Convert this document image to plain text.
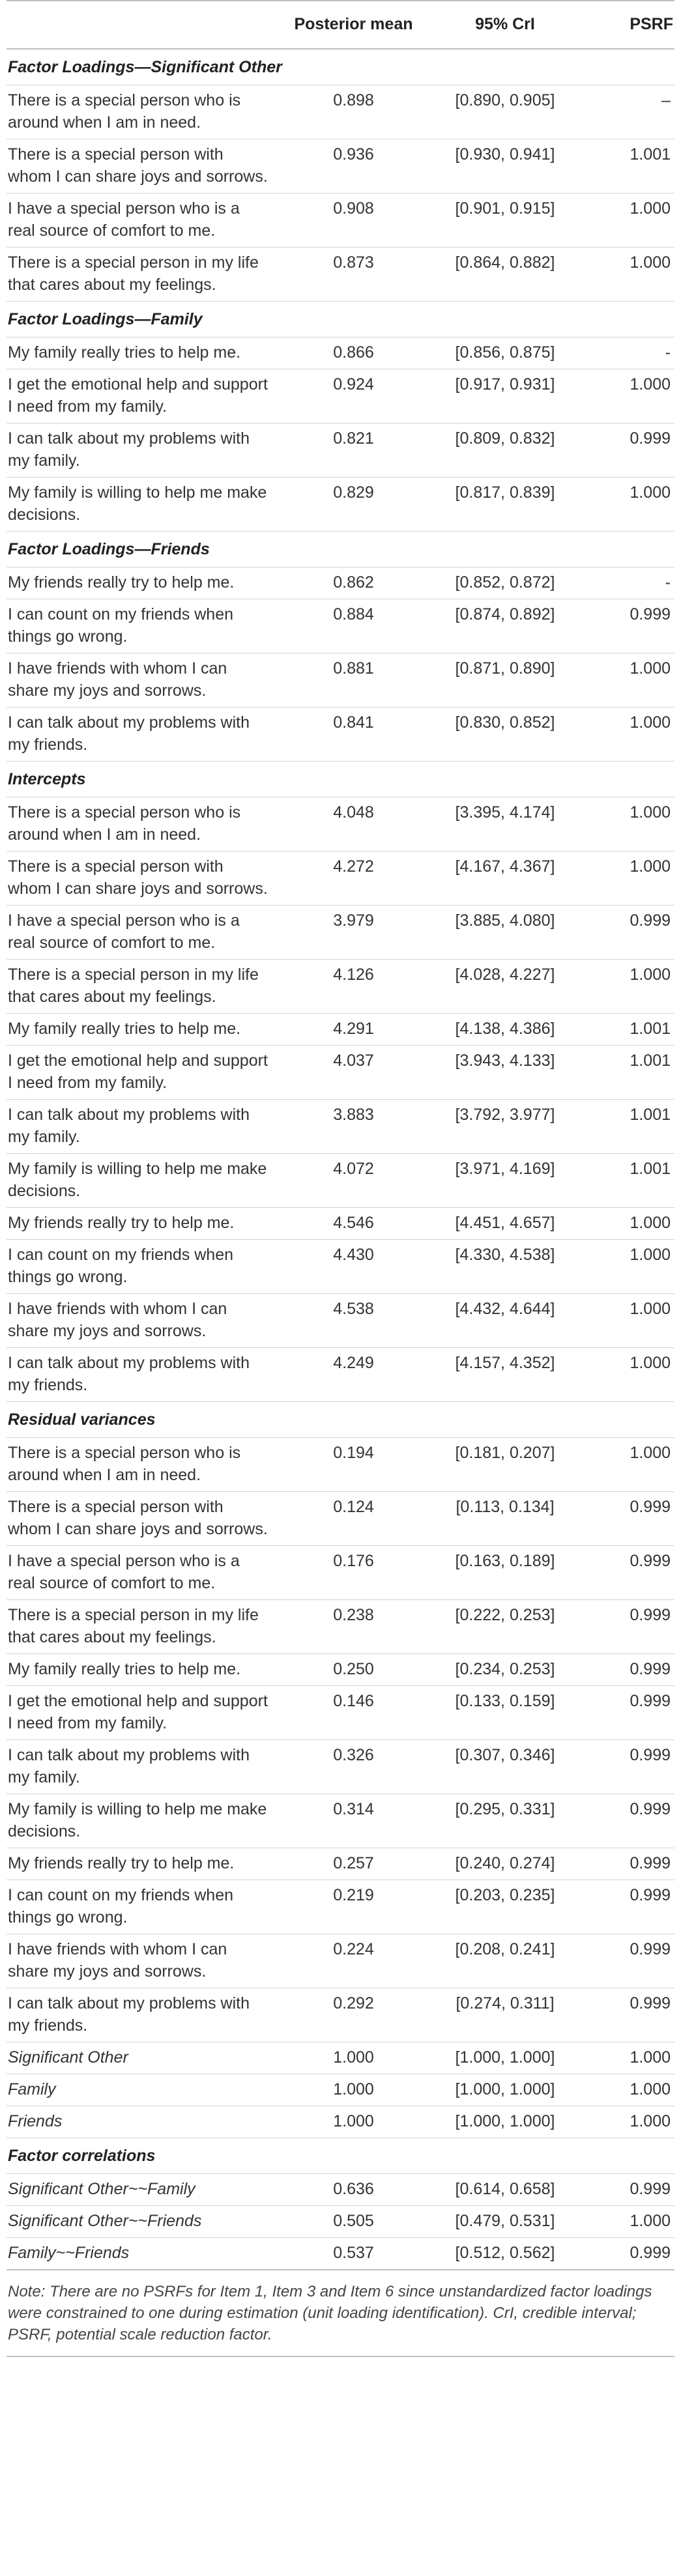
	Posterior mean	95% CrI	PSRF
Factor Loadings—Significant Other			
There is a special person who is around when I am in need.	0.898	[0.890, 0.905]	–
There is a special person with whom I can share joys and sorrows.	0.936	[0.930, 0.941]	1.001
I have a special person who is a real source of comfort to me.	0.908	[0.901, 0.915]	1.000
There is a special person in my life that cares about my feelings.	0.873	[0.864, 0.882]	1.000
Factor Loadings—Family			
My family really tries to help me.	0.866	[0.856, 0.875]	-
I get the emotional help and support I need from my family.	0.924	[0.917, 0.931]	1.000
I can talk about my problems with my family.	0.821	[0.809, 0.832]	0.999
My family is willing to help me make decisions.	0.829	[0.817, 0.839]	1.000
Factor Loadings—Friends			
My friends really try to help me.	0.862	[0.852, 0.872]	-
I can count on my friends when things go wrong.	0.884	[0.874, 0.892]	0.999
I have friends with whom I can share my joys and sorrows.	0.881	[0.871, 0.890]	1.000
I can talk about my problems with my friends.	0.841	[0.830, 0.852]	1.000
Intercepts			
There is a special person who is around when I am in need.	4.048	[3.395, 4.174]	1.000
There is a special person with whom I can share joys and sorrows.	4.272	[4.167, 4.367]	1.000
I have a special person who is a real source of comfort to me.	3.979	[3.885, 4.080]	0.999
There is a special person in my life that cares about my feelings.	4.126	[4.028, 4.227]	1.000
My family really tries to help me.	4.291	[4.138, 4.386]	1.001
I get the emotional help and support I need from my family.	4.037	[3.943, 4.133]	1.001
I can talk about my problems with my family.	3.883	[3.792, 3.977]	1.001
My family is willing to help me make decisions.	4.072	[3.971, 4.169]	1.001
My friends really try to help me.	4.546	[4.451, 4.657]	1.000
I can count on my friends when things go wrong.	4.430	[4.330, 4.538]	1.000
I have friends with whom I can share my joys and sorrows.	4.538	[4.432, 4.644]	1.000
I can talk about my problems with my friends.	4.249	[4.157, 4.352]	1.000
Residual variances			
There is a special person who is around when I am in need.	0.194	[0.181, 0.207]	1.000
There is a special person with whom I can share joys and sorrows.	0.124	[0.113, 0.134]	0.999
I have a special person who is a real source of comfort to me.	0.176	[0.163, 0.189]	0.999
There is a special person in my life that cares about my feelings.	0.238	[0.222, 0.253]	0.999
My family really tries to help me.	0.250	[0.234, 0.253]	0.999
I get the emotional help and support I need from my family.	0.146	[0.133, 0.159]	0.999
I can talk about my problems with my family.	0.326	[0.307, 0.346]	0.999
My family is willing to help me make decisions.	0.314	[0.295, 0.331]	0.999
My friends really try to help me.	0.257	[0.240, 0.274]	0.999
I can count on my friends when things go wrong.	0.219	[0.203, 0.235]	0.999
I have friends with whom I can share my joys and sorrows.	0.224	[0.208, 0.241]	0.999
I can talk about my problems with my friends.	0.292	[0.274, 0.311]	0.999
Significant Other	1.000	[1.000, 1.000]	1.000
Family	1.000	[1.000, 1.000]	1.000
Friends	1.000	[1.000, 1.000]	1.000
Factor correlations			
Significant Other~~Family	0.636	[0.614, 0.658]	0.999
Significant Other~~Friends	0.505	[0.479, 0.531]	1.000
Family~~Friends	0.537	[0.512, 0.562]	0.999
Note: There are no PSRFs for Item 1, Item 3 and Item 6 since unstandardized factor loadings were constrained to one during estimation (unit loading identification). CrI, credible interval; PSRF, potential scale reduction factor.
